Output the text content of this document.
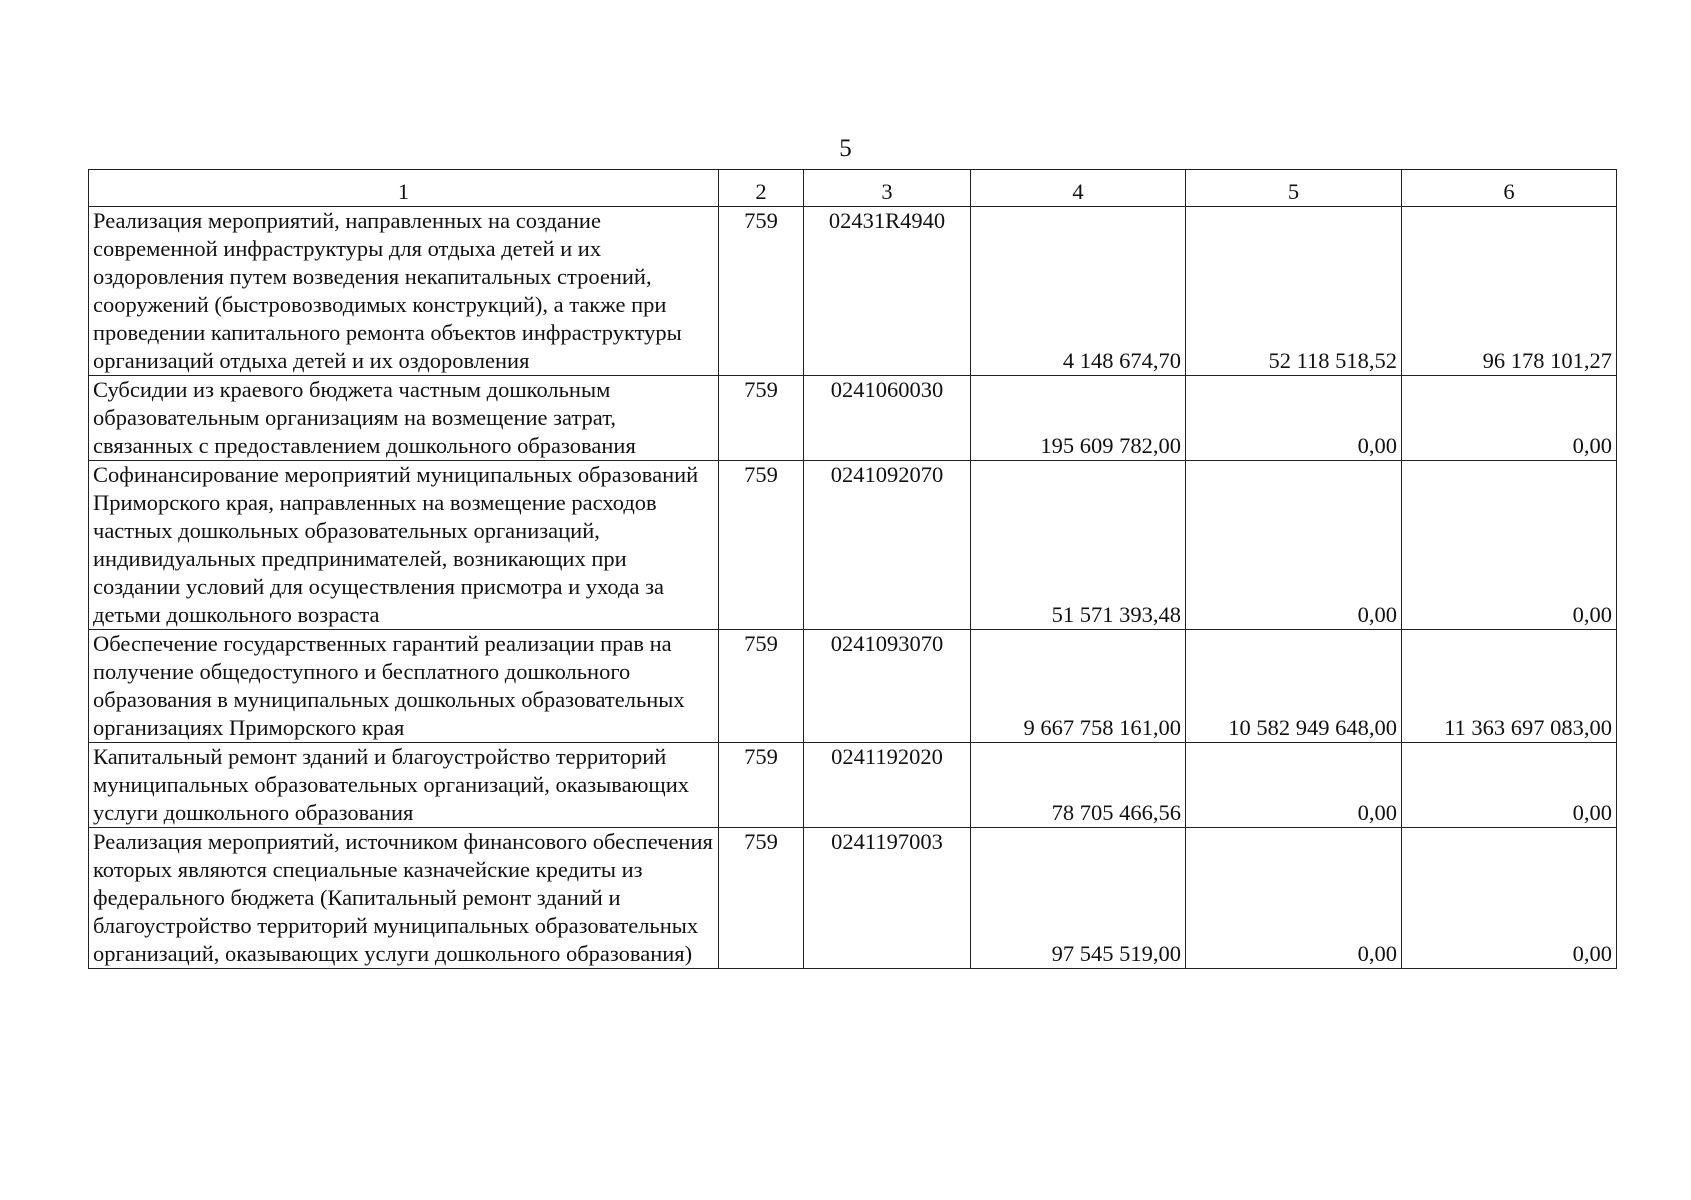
5
1	2	3	4	5	6
Реализация мероприятий, направленных на создание современной инфраструктуры для отдыха детей и их оздоровления путем возведения некапитальных строений, сооружений (быстровозводимых конструкций), а также при проведении капитального ремонта объектов инфраструктуры организаций отдыха детей и их оздоровления	759	02431R4940	4 148 674,70	52 118 518,52	96 178 101,27
Субсидии из краевого бюджета частным дошкольным образовательным организациям на возмещение затрат, связанных с предоставлением дошкольного образования	759	0241060030	195 609 782,00	0,00	0,00
Софинансирование мероприятий муниципальных образований Приморского края, направленных на возмещение расходов частных дошкольных образовательных организаций, индивидуальных предпринимателей, возникающих при создании условий для осуществления присмотра и ухода за детьми дошкольного возраста	759	0241092070	51 571 393,48	0,00	0,00
Обеспечение государственных гарантий реализации прав на получение общедоступного и бесплатного дошкольного образования в муниципальных дошкольных образовательных организациях Приморского края	759	0241093070	9 667 758 161,00	10 582 949 648,00	11 363 697 083,00
Капитальный ремонт зданий и благоустройство территорий муниципальных образовательных организаций, оказывающих услуги дошкольного образования	759	0241192020	78 705 466,56	0,00	0,00
Реализация мероприятий, источником финансового обеспечения которых являются специальные казначейские кредиты из федерального бюджета (Капитальный ремонт зданий и благоустройство территорий муниципальных образовательных организаций, оказывающих услуги дошкольного образования)	759	0241197003	97 545 519,00	0,00	0,00
